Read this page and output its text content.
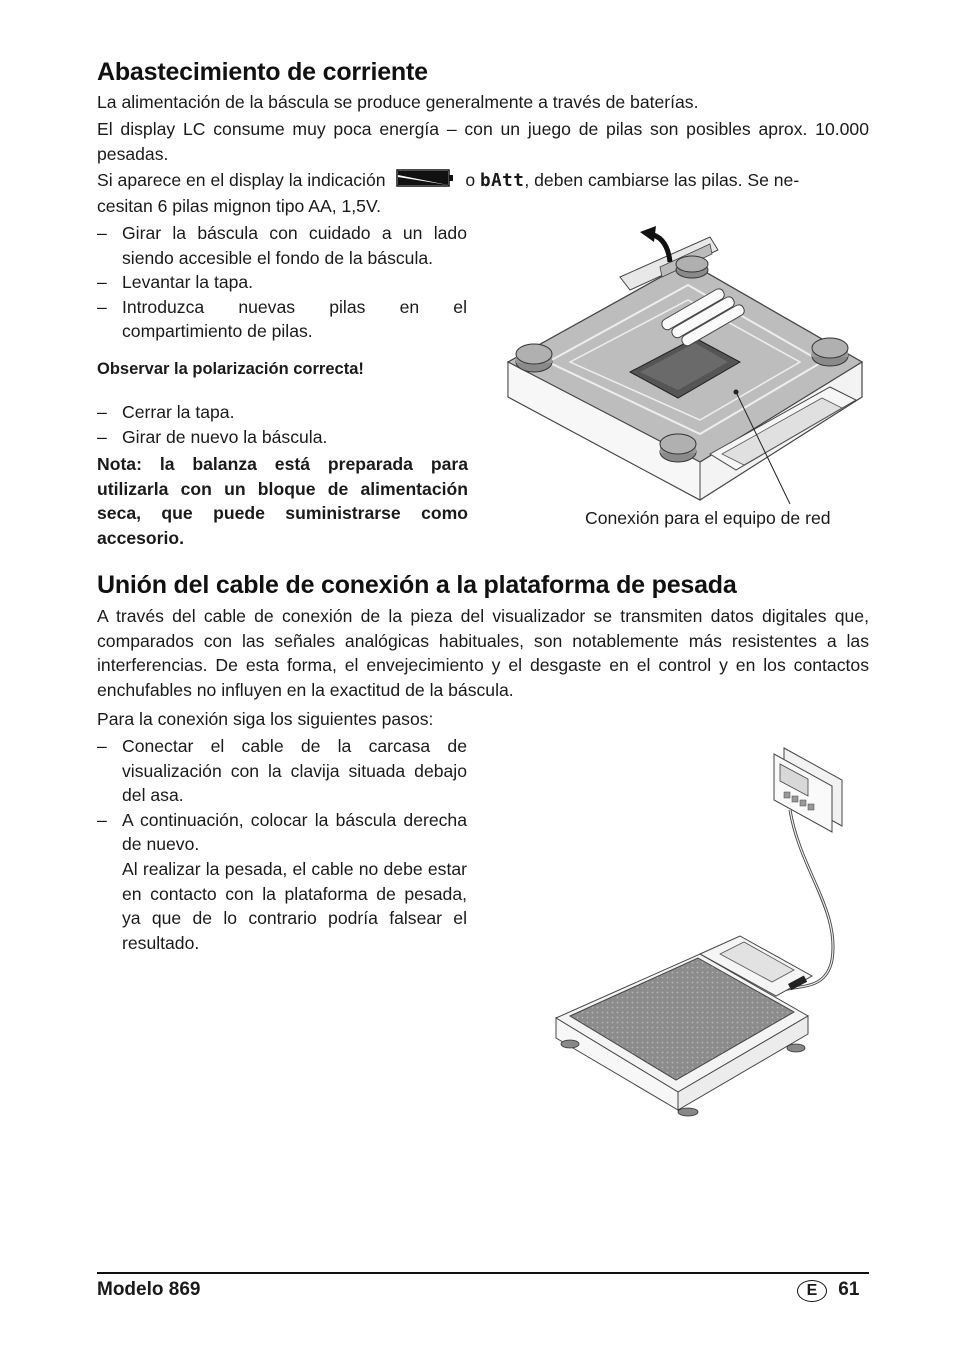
Abastecimiento de corriente

La alimentación de la báscula se produce generalmente a través de baterías.

El display LC consume muy poca energía – con un juego de pilas son posibles aprox. 10.000 pesadas.

Si aparece en el display la indicación	o bAtt, deben cambiarse las pilas. Se ne-
cesitan 6 pilas mignon tipo AA, 1,5V.

– Girar la báscula con cuidado a un lado siendo accesible el fondo de la báscula.

– Levantar la tapa.

– Introduzca nuevas pilas en el compartimiento de pilas.

Observar la polarización correcta!

– Cerrar la tapa.

– Girar de nuevo la báscula.

Nota: la balanza está preparada para utilizarla con un bloque de alimentación seca, que puede suministrarse como accesorio.

Conexión para el equipo de red

Unión del cable de conexión a la plataforma de pesada

A través del cable de conexión de la pieza del visualizador se transmiten datos digitales que, comparados con las señales analógicas habituales, son notablemente más resistentes a las interferencias. De esta forma, el envejecimiento y el desgaste en el control y en los contactos enchufables no influyen en la exactitud de la báscula.

Para la conexión siga los siguientes pasos:

– Conectar el cable de la carcasa de visualización con la clavija situada debajo del asa.

– A continuación, colocar la báscula derecha de nuevo.

Al realizar la pesada, el cable no debe estar en contacto con la plataforma de pesada, ya que de lo contrario podría falsear el resultado.

Modelo 869	E 61
